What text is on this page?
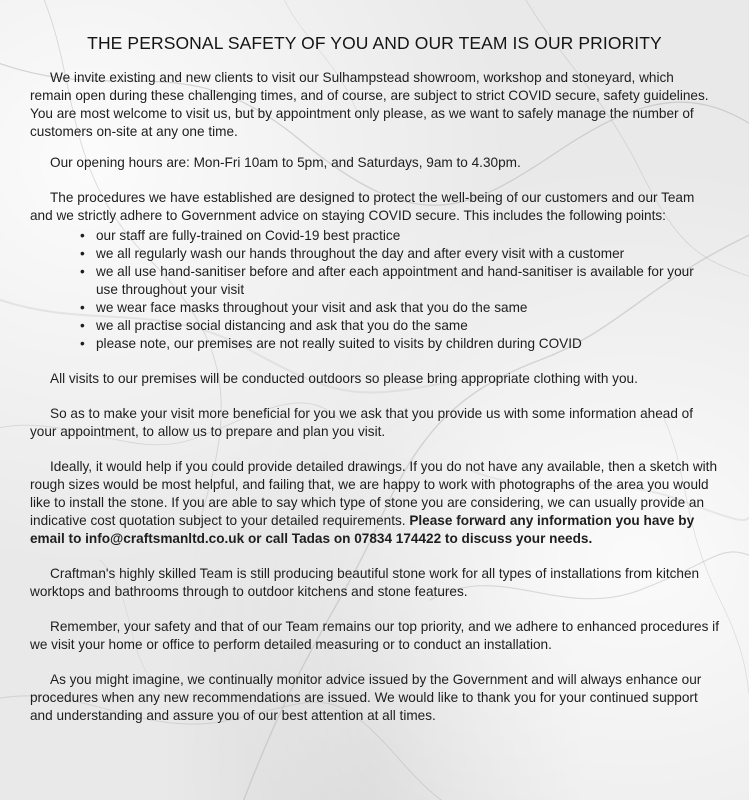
THE PERSONAL SAFETY OF YOU AND OUR TEAM IS OUR PRIORITY

We invite existing and new clients to visit our Sulhampstead showroom, workshop and stoneyard, which remain open during these challenging times, and of course, are subject to strict COVID secure, safety guidelines. You are most welcome to visit us, but by appointment only please, as we want to safely manage the number of customers on-site at any one time.

Our opening hours are: Mon-Fri 10am to 5pm, and Saturdays, 9am to 4.30pm.

The procedures we have established are designed to protect the well-being of our customers and our Team and we strictly adhere to Government advice on staying COVID secure. This includes the following points:

• our staff are fully-trained on Covid-19 best practice
• we all regularly wash our hands throughout the day and after every visit with a customer
• we all use hand-sanitiser before and after each appointment and hand-sanitiser is available for your use throughout your visit
• we wear face masks throughout your visit and ask that you do the same
• we all practise social distancing and ask that you do the same
• please note, our premises are not really suited to visits by children during COVID

All visits to our premises will be conducted outdoors so please bring appropriate clothing with you.

So as to make your visit more beneficial for you we ask that you provide us with some information ahead of your appointment, to allow us to prepare and plan you visit.

Ideally, it would help if you could provide detailed drawings. If you do not have any available, then a sketch with rough sizes would be most helpful, and failing that, we are happy to work with photographs of the area you would like to install the stone. If you are able to say which type of stone you are considering, we can usually provide an indicative cost quotation subject to your detailed requirements. Please forward any information you have by email to info@craftsmanltd.co.uk or call Tadas on 07834 174422 to discuss your needs.

Craftman's highly skilled Team is still producing beautiful stone work for all types of installations from kitchen worktops and bathrooms through to outdoor kitchens and stone features.

Remember, your safety and that of our Team remains our top priority, and we adhere to enhanced procedures if we visit your home or office to perform detailed measuring or to conduct an installation.

As you might imagine, we continually monitor advice issued by the Government and will always enhance our procedures when any new recommendations are issued. We would like to thank you for your continued support and understanding and assure you of our best attention at all times.
